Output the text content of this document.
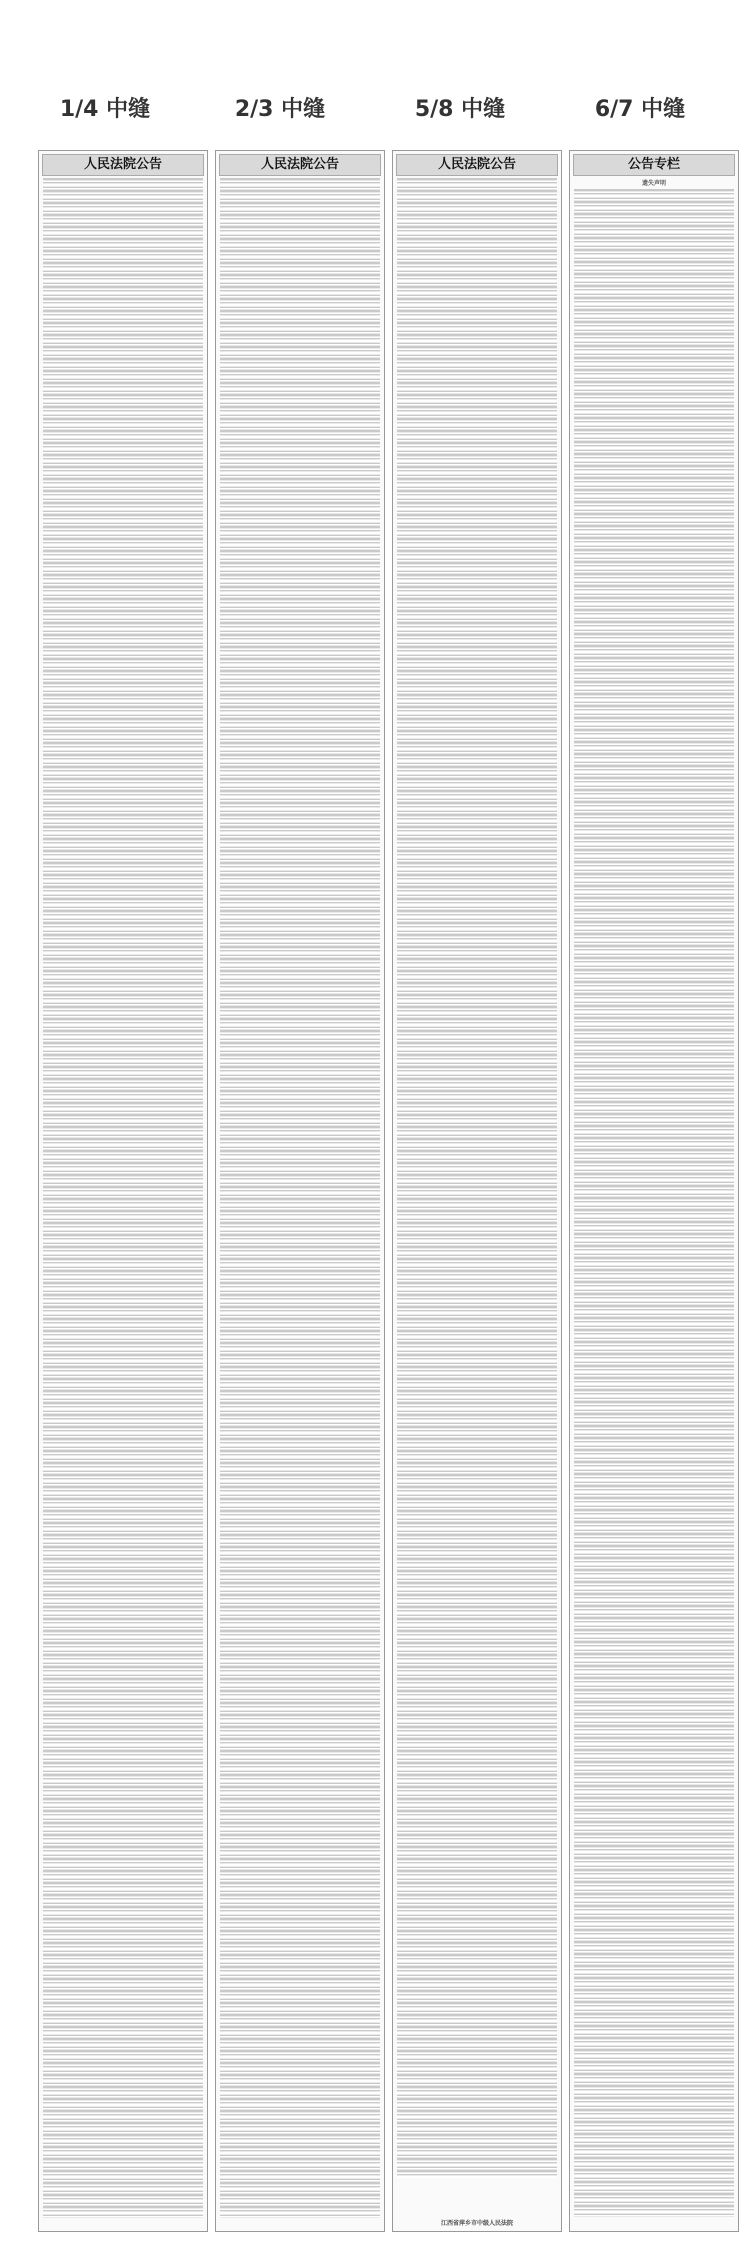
1/4 中缝	2/3 中缝	5/8 中缝	6/7 中缝
人民法院公告	人民法院公告	人民法院公告
江西省萍乡市中级人民法院
公告专栏
遗失声明
